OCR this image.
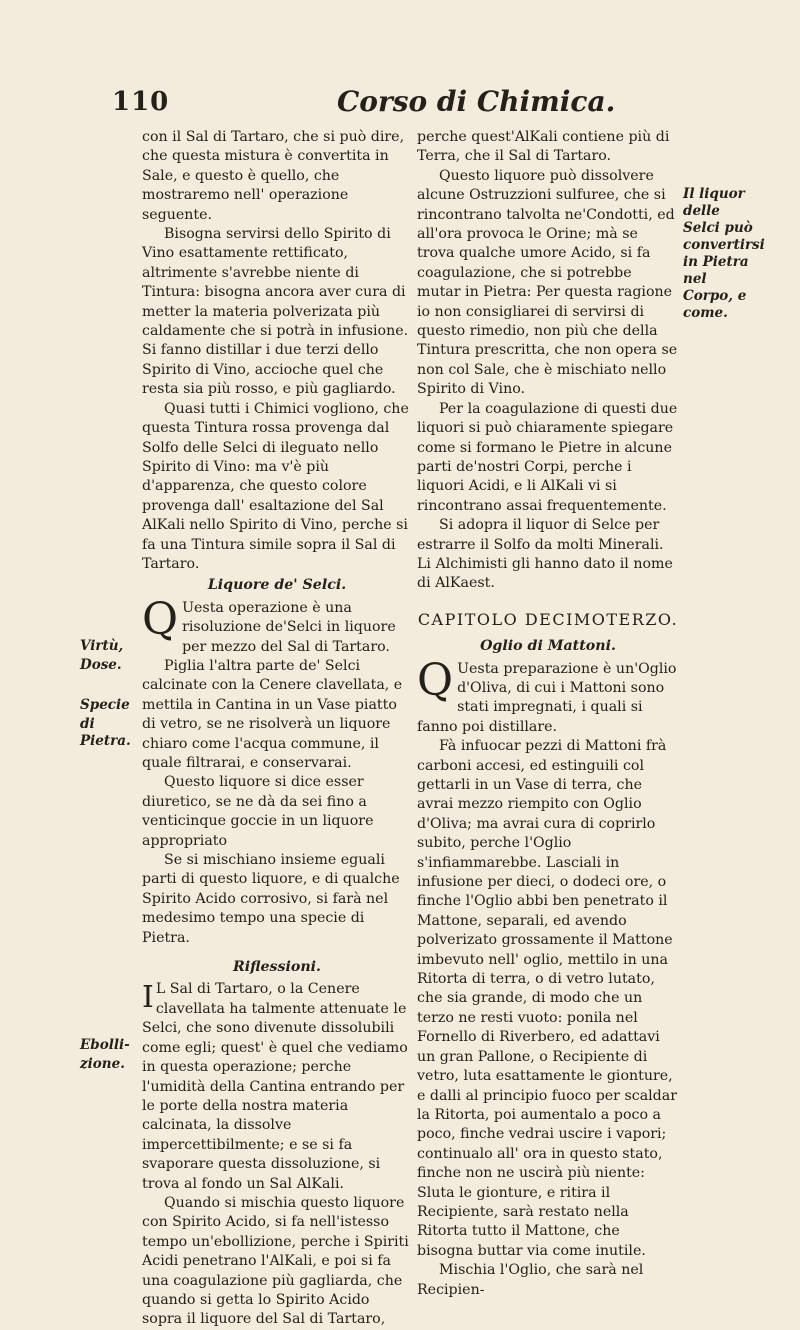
110	Corso di Chimica.

con il Sal di Tartaro, che si può dire, che questa mistura è convertita in Sale, e questo è quello, che mostraremo nell' operazione seguente.

Bisogna servirsi dello Spirito di Vino esattamente rettificato, altrimente s'avrebbe niente di Tintura: bisogna ancora aver cura di metter la materia polverizata più caldamente che si potrà in infusione. Si fanno distillar i due terzi dello Spirito di Vino, accioche quel che resta sia più rosso, e più gagliardo.

Quasi tutti i Chimici vogliono, che questa Tintura rossa provenga dal Solfo delle Selci di ileguato nello Spirito di Vino: ma v'è più d'apparenza, che questo colore provenga dall' esaltazione del Sal AlKali nello Spirito di Vino, perche si fa una Tintura simile sopra il Sal di Tartaro.

Liquore de' Selci.

Q Uesta operazione è una risoluzione de'Selci in liquore per mezzo del Sal di Tartaro.

Piglia l'altra parte de' Selci calcinate con la Cenere clavellata, e mettila in Cantina in un Vase piatto di vetro, se ne risolverà un liquore chiaro come l'acqua commune, il quale filtrarai, e conservarai.

Questo liquore si dice esser diuretico, se ne dà da sei fino a venticinque goccie in un liquore appropriato

Se si mischiano insieme eguali parti di questo liquore, e di qualche Spirito Acido corrosivo, si farà nel medesimo tempo una specie di Pietra.

Riflessioni.

I L Sal di Tartaro, o la Cenere clavellata ha talmente attenuate le Selci, che sono divenute dissolubili come egli; quest' è quel che vediamo in questa operazione; perche l'umidità della Cantina entrando per le porte della nostra materia calcinata, la dissolve impercettibilmente; e se si fa svaporare questa dissoluzione, si trova al fondo un Sal AlKali.

Quando si mischia questo liquore con Spirito Acido, si fa nell'istesso tempo un'ebollizione, perche i Spiriti Acidi penetrano l'AlKali, e poi si fa una coagulazione più gagliarda, che quando si getta lo Spirito Acido sopra il liquore del Sal di Tartaro,

perche quest'AlKali contiene più di Terra, che il Sal di Tartaro.

Questo liquore può dissolvere alcune Ostruzzioni sulfuree, che si rincontrano talvolta ne'Condotti, ed all'ora provoca le Orine; mà se trova qualche umore Acido, si fa coagulazione, che si potrebbe mutar in Pietra: Per questa ragione io non consigliarei di servirsi di questo rimedio, non più che della Tintura prescritta, che non opera se non col Sale, che è mischiato nello Spirito di Vino.

Per la coagulazione di questi due liquori si può chiaramente spiegare come si formano le Pietre in alcune parti de'nostri Corpi, perche i liquori Acidi, e li AlKali vi si rincontrano assai frequentemente.

Si adopra il liquor di Selce per estrarre il Solfo da molti Minerali. Li Alchimisti gli hanno dato il nome di AlKaest.

CAPITOLO DECIMOTERZO.
Oglio di Mattoni.

Q Uesta preparazione è un'Oglio d'Oliva, di cui i Mattoni sono stati impregnati, i quali si fanno poi distillare.

Fà infuocar pezzi di Mattoni frà carboni accesi, ed estinguili col gettarli in un Vase di terra, che avrai mezzo riempito con Oglio d'Oliva; ma avrai cura di coprirlo subito, perche l'Oglio s'infiammarebbe. Lasciali in infusione per dieci, o dodeci ore, o finche l'Oglio abbi ben penetrato il Mattone, separali, ed avendo polverizato grossamente il Mattone imbevuto nell' oglio, mettilo in una Ritorta di terra, o di vetro lutato, che sia grande, di modo che un terzo ne resti vuoto: ponila nel Fornello di Riverbero, ed adattavi un gran Pallone, o Recipiente di vetro, luta esattamente le gionture, e dalli al principio fuoco per scaldar la Ritorta, poi aumentalo a poco a poco, finche vedrai uscire i vapori; continualo all' ora in questo stato, finche non ne uscirà più niente: Sluta le gionture, e ritira il Recipiente, sarà restato nella Ritorta tutto il Mattone, che bisogna buttar via come inutile.

Mischia l'Oglio, che sarà nel Recipien-

Virtù,
Dose.
Specie
di Pietra.
Ebolli-
zione.
Il liquor delle Selci può convertirsi in Pietra nel Corpo, e come.
